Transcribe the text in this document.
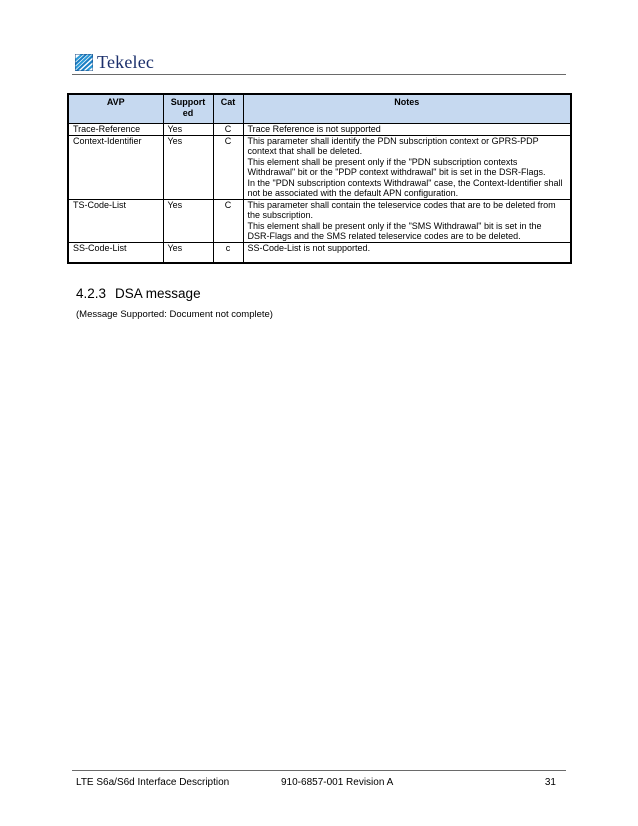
Tekelec
AVP	Support ed	Cat	Notes
Trace-Reference	Yes	C	Trace Reference is not supported

Context-Identifier	Yes	C	This parameter shall identify the PDN subscription context or GPRS-PDP context that shall be deleted.
This element shall be present only if the "PDN subscription contexts Withdrawal" bit or the "PDP context withdrawal" bit is set in the DSR-Flags.
In the "PDN subscription contexts Withdrawal" case, the Context-Identifier shall not be associated with the default APN configuration.

TS-Code-List	Yes	C	This parameter shall contain the teleservice codes that are to be deleted from the subscription.
This element shall be present only if the "SMS Withdrawal" bit is set in the DSR-Flags and the SMS related teleservice codes are to be deleted.

SS-Code-List	Yes	c	SS-Code-List is not supported.
4.2.3 DSA message
(Message Supported: Document not complete)
LTE S6a/S6d Interface Description	910-6857-001 Revision A	31
